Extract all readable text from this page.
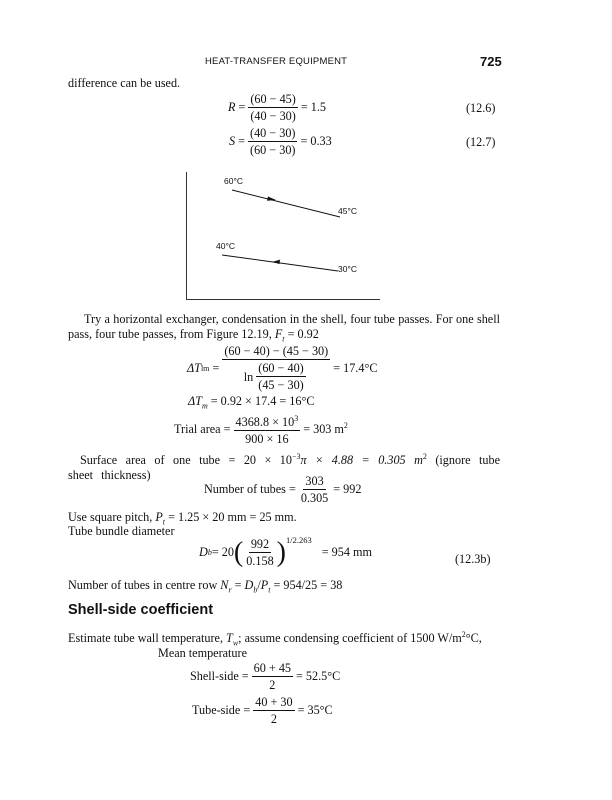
HEAT-TRANSFER EQUIPMENT	725
difference can be used.
$R = \frac{(60 - 45)}{(40 - 30)} = 1.5$	(12.6)
$S = \frac{(40 - 30)}{(60 - 30)} = 0.33$	(12.7)
60°C
45°C
40°C
30°C
Try a horizontal exchanger, condensation in the shell, four tube passes. For one shell pass, four tube passes, from Figure 12.19, $F_t = 0.92$
ΔT lm = $\frac{(60 - 40) - (45 - 30)}{\ln \frac{(60 - 40)}{(45 - 30)}} = 17.4^\circ C$
$\Delta T_m = 0.92 \times 17.4 = 16^\circ C$
Trial area = $\frac{4368.8 \times 10^3}{900 \times 16} = 303$ $m^2$
Surface area of one tube = $20 \times 10^{-3}\pi \times 4.88 = 0.305$ $m^2$ (ignore tube sheet thickness)
Number of tubes = $\frac{303}{0.305} = 992$
Use square pitch, $P_t = 1.25 \times 20$ mm = 25 mm.
Tube bundle diameter
D b = 20 ( $\frac{992}{0.158}$ ) 1/2.263
= 954 mm	(12.3b)
Number of tubes in centre row $N_r = D_b/P_t = 954/25 = 38$
Shell-side coefficient
Estimate tube wall temperature, $T_w$; assume condensing coefficient of 1500 $W/m^2^\circ C$,
Mean temperature
Shell-side = $\frac{60 + 45}{2} = 52.5^\circ C$
Tube-side = $\frac{40 + 30}{2} = 35^\circ C$
